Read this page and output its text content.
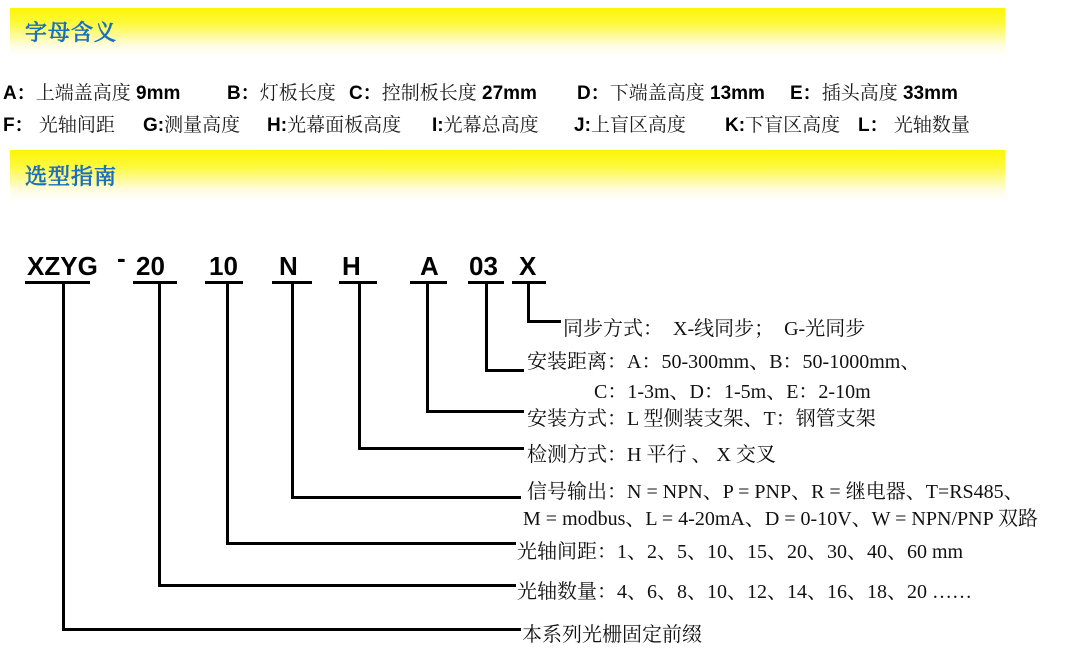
字母含义
A：上端盖高度 9mm B：灯板长度 C：控制板长度 27mm D：下端盖高度 13mm E：插头高度 33mm
F： 光轴间距 G:测量高度 H:光幕面板高度 I:光幕总高度 J:上盲区高度 K:下盲区高度 L： 光轴数量
选型指南
XZYG - 20 10 N H A 03 X
同步方式：  X-线同步；  G-光同步
安装距离：A：50-300mm、B：50-1000mm、
C：1-3m、D：1-5m、E：2-10m
安装方式：L 型侧装支架、T：钢管支架
检测方式：H 平行 、 X 交叉
信号输出：N = NPN、P = PNP、R = 继电器、T=RS485、
M = modbus、L = 4-20mA、D = 0-10V、W = NPN/PNP 双路
光轴间距：1、2、5、10、15、20、30、40、60 mm
光轴数量：4、6、8、10、12、14、16、18、20 ……
本系列光栅固定前缀
